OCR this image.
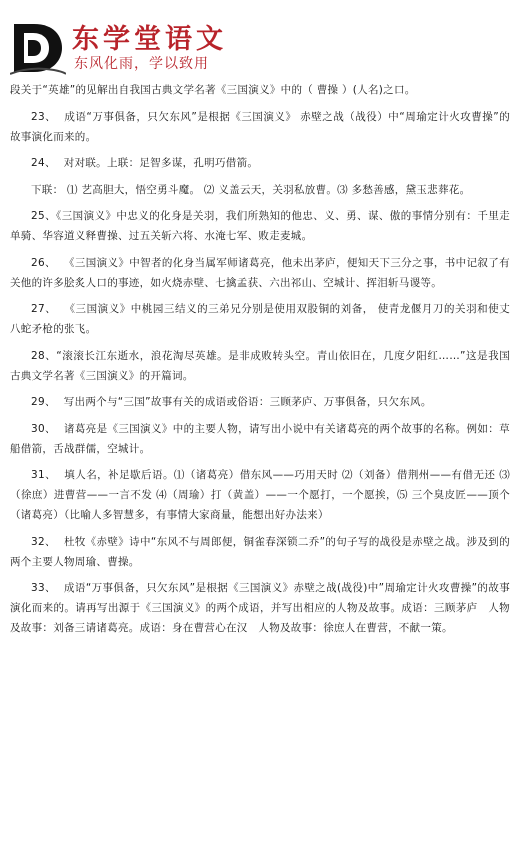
东学堂语文
东风化雨，学以致用

段关于“英雄”的见解出自我国古典文学名著《三国演义》中的（ 曹操 ）(人名)之口。

23、 成语“万事俱备，只欠东风”是根据《三国演义》 赤壁之战（战役）中“周瑜定计火攻曹操”的故事演化而来的。

24、 对对联。上联：足智多谋，孔明巧借箭。

下联： ⑴ 艺高胆大，悟空勇斗魔。 ⑵ 义盖云天，关羽私放曹。⑶ 多愁善感，黛玉悲葬花。

25、《三国演义》中忠义的化身是关羽，我们所熟知的他忠、义、勇、谋、傲的事情分别有：千里走单骑、华容道义释曹操、过五关斩六将、水淹七军、败走麦城。

26、 《三国演义》中智者的化身当属军师诸葛亮，他未出茅庐，便知天下三分之事，书中记叙了有关他的许多脍炙人口的事迹，如火烧赤壁、七擒孟获、六出祁山、空城计、挥泪斩马谡等。

27、 《三国演义》中桃园三结义的三弟兄分别是使用双股铜的刘备， 使青龙偃月刀的关羽和使丈八蛇矛枪的张飞。

28、“滚滚长江东逝水，浪花淘尽英雄。是非成败转头空。青山依旧在，几度夕阳红……”这是我国古典文学名著《三国演义》的开篇词。

29、 写出两个与“三国”故事有关的成语或俗语：三顾茅庐、万事俱备，只欠东风。

30、 诸葛亮是《三国演义》中的主要人物，请写出小说中有关诸葛亮的两个故事的名称。例如：草船借箭，舌战群儒，空城计。

31、 填人名，补足歇后语。⑴（诸葛亮）借东风——巧用天时 ⑵（刘备）借荆州——有借无还 ⑶（徐庶）进曹营——一言不发 ⑷（周瑜）打（黄盖）——一个愿打，一个愿挨，⑸ 三个臭皮匠——顶个（诸葛亮）（比喻人多智慧多，有事情大家商量，能想出好办法来）

32、 杜牧《赤壁》诗中“东风不与周郎便，铜雀春深锁二乔”的句子写的战役是赤壁之战。涉及到的两个主要人物周瑜、曹操。

33、 成语“万事俱备，只欠东风”是根据《三国演义》赤壁之战(战役)中”周瑜定计火攻曹操”的故事演化而来的。请再写出源于《三国演义》的两个成语，并写出相应的人物及故事。成语：三顾茅庐　人物及故事：刘备三请诸葛亮。成语：身在曹营心在汉　人物及故事：徐庶人在曹营，不献一策。
